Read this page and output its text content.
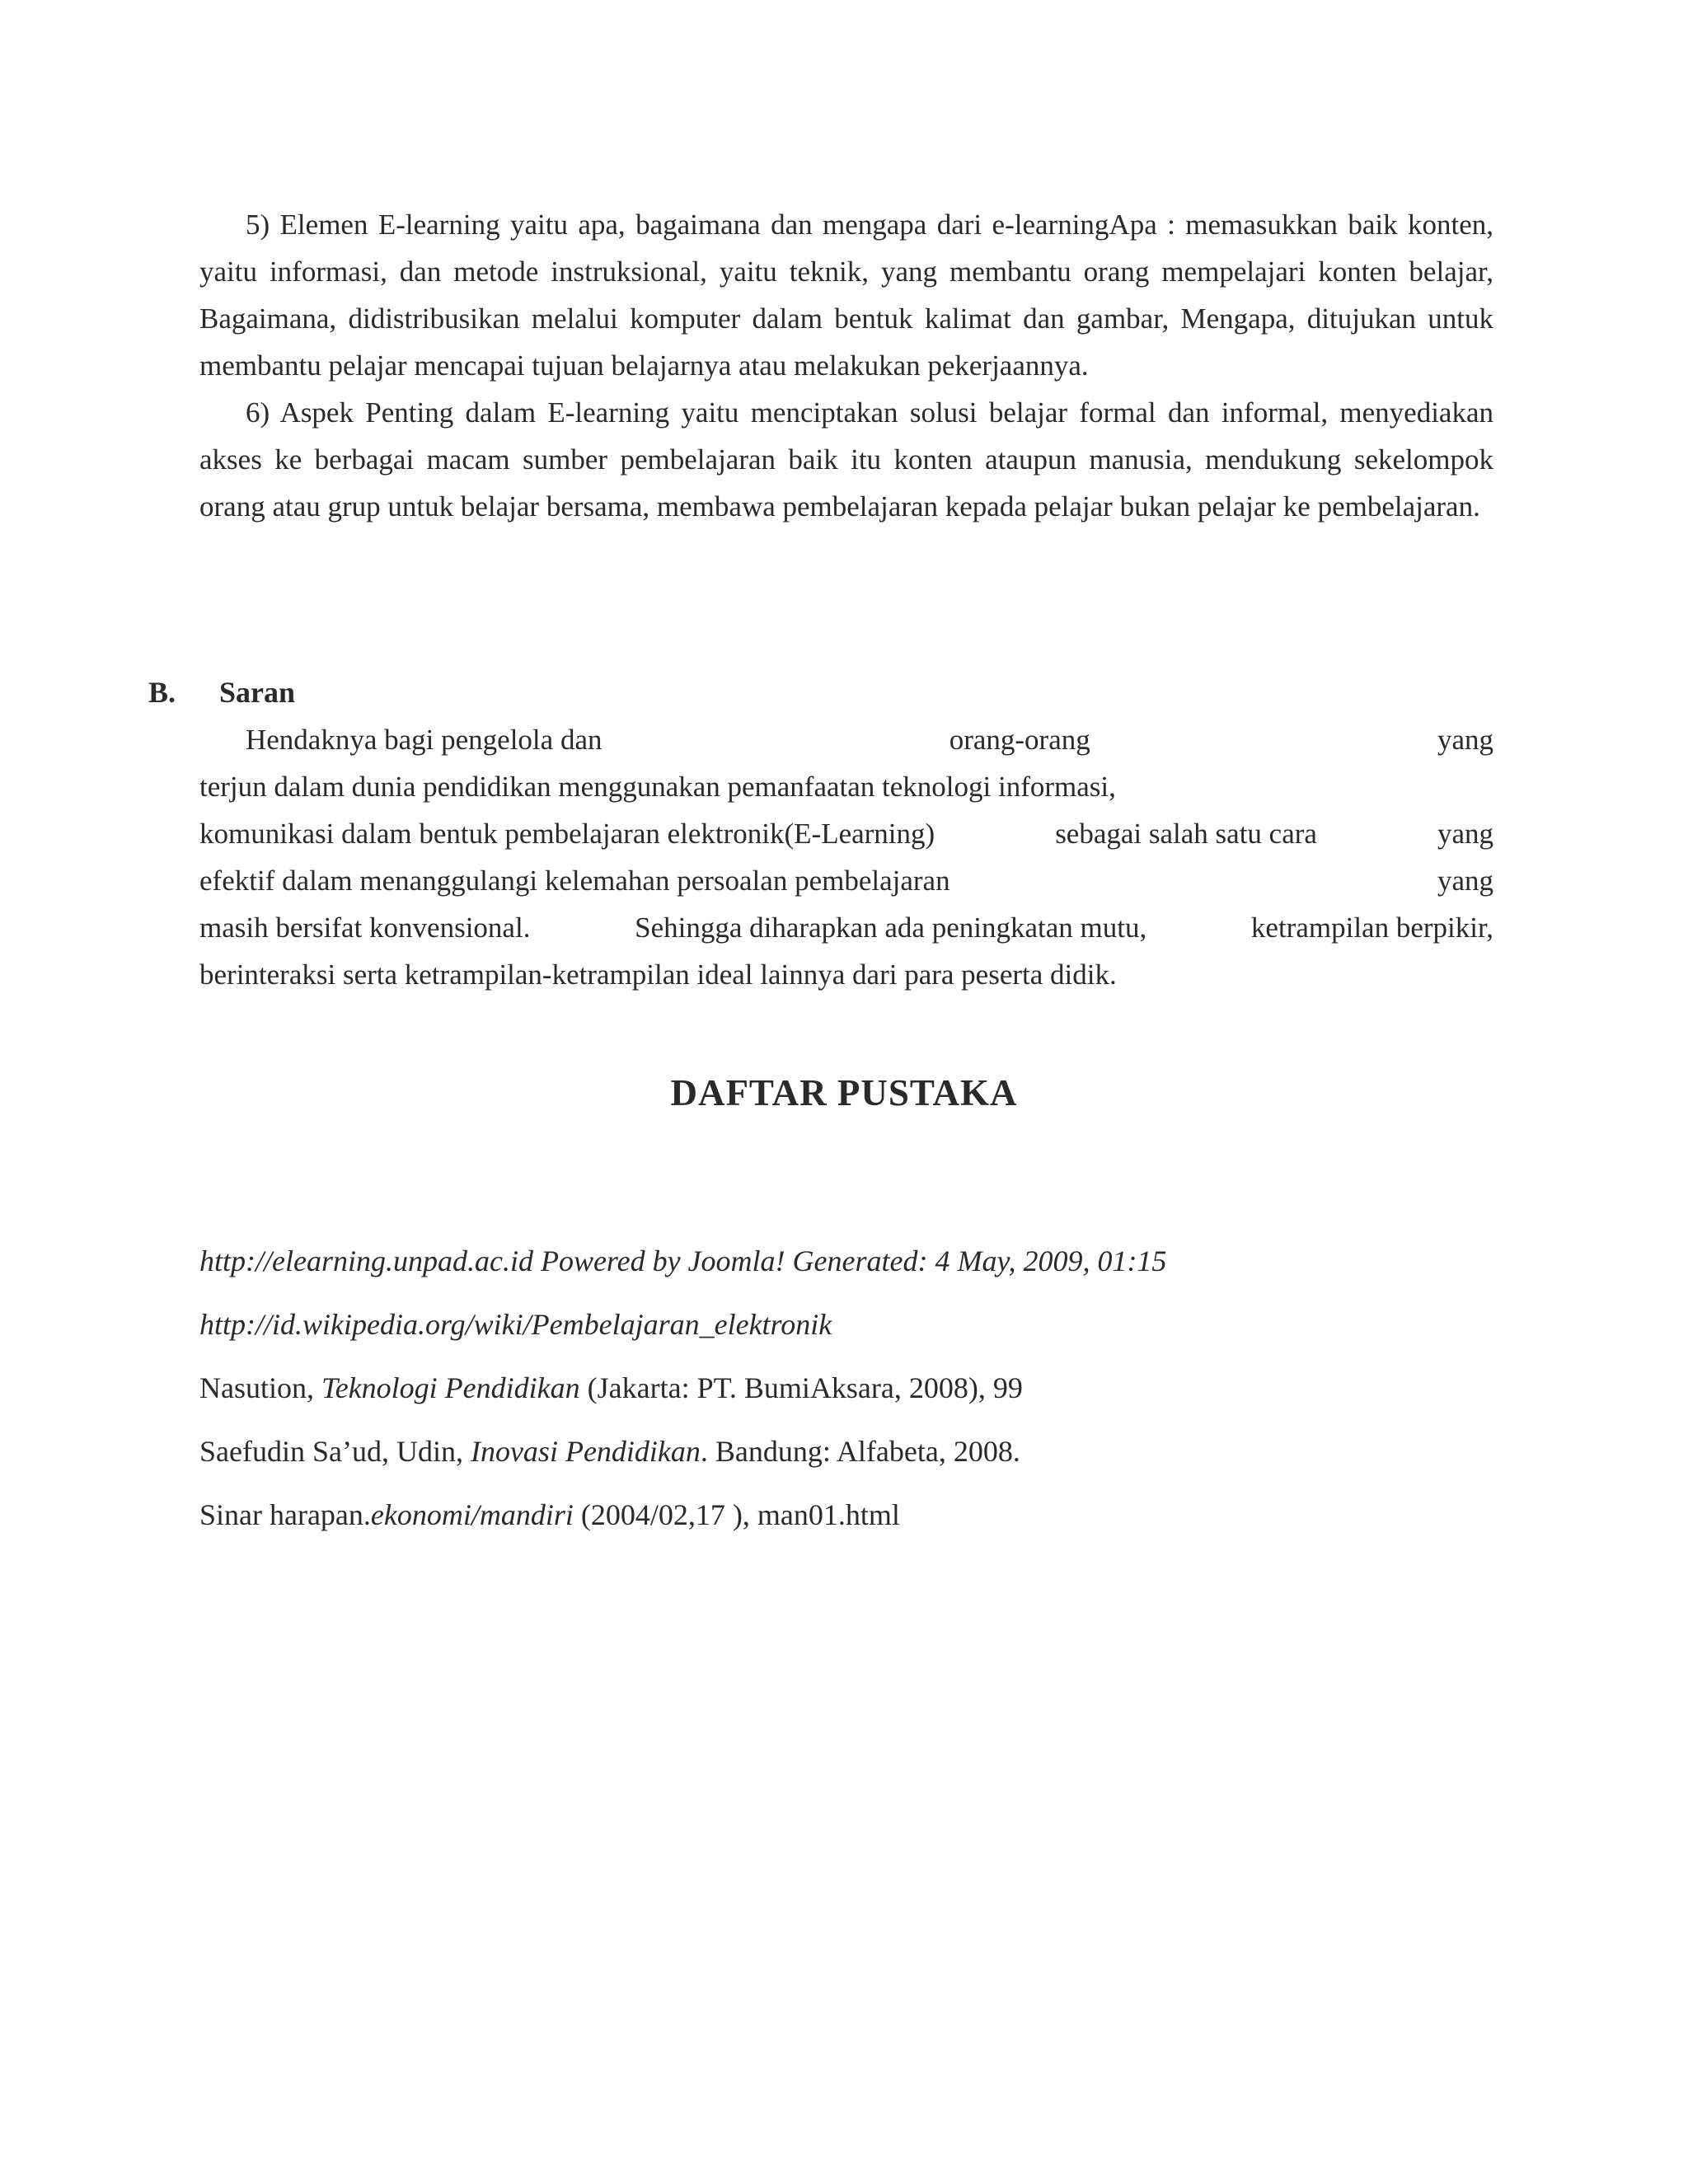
5) Elemen E-learning yaitu apa, bagaimana dan mengapa dari e-learningApa : memasukkan baik konten, yaitu informasi, dan metode instruksional, yaitu teknik, yang membantu orang mempelajari konten belajar, Bagaimana, didistribusikan melalui komputer dalam bentuk kalimat dan gambar, Mengapa, ditujukan untuk membantu pelajar mencapai tujuan belajarnya atau melakukan pekerjaannya.

6) Aspek Penting dalam E-learning yaitu menciptakan solusi belajar formal dan informal, menyediakan akses ke berbagai macam sumber pembelajaran baik itu konten ataupun manusia, mendukung sekelompok orang atau grup untuk belajar bersama, membawa pembelajaran kepada pelajar bukan pelajar ke pembelajaran.

B. Saran
Hendaknya bagi pengelola dan	orang-orang	yang
terjun dalam dunia pendidikan menggunakan pemanfaatan teknologi informasi,
komunikasi dalam bentuk pembelajaran elektronik(E-Learning)	sebagai salah satu cara	yang
efektif dalam menanggulangi kelemahan persoalan pembelajaran	yang
masih bersifat konvensional.	Sehingga diharapkan ada peningkatan mutu,	ketrampilan berpikir,
berinteraksi serta ketrampilan-ketrampilan ideal lainnya dari para peserta didik.
DAFTAR PUSTAKA
http://elearning.unpad.ac.id Powered by Joomla! Generated: 4 May, 2009, 01:15
http://id.wikipedia.org/wiki/Pembelajaran_elektronik
Nasution, Teknologi Pendidikan (Jakarta: PT. BumiAksara, 2008), 99
Saefudin Sa’ud, Udin, Inovasi Pendidikan. Bandung: Alfabeta, 2008.
Sinar harapan.ekonomi/mandiri (2004/02,17 ), man01.html
